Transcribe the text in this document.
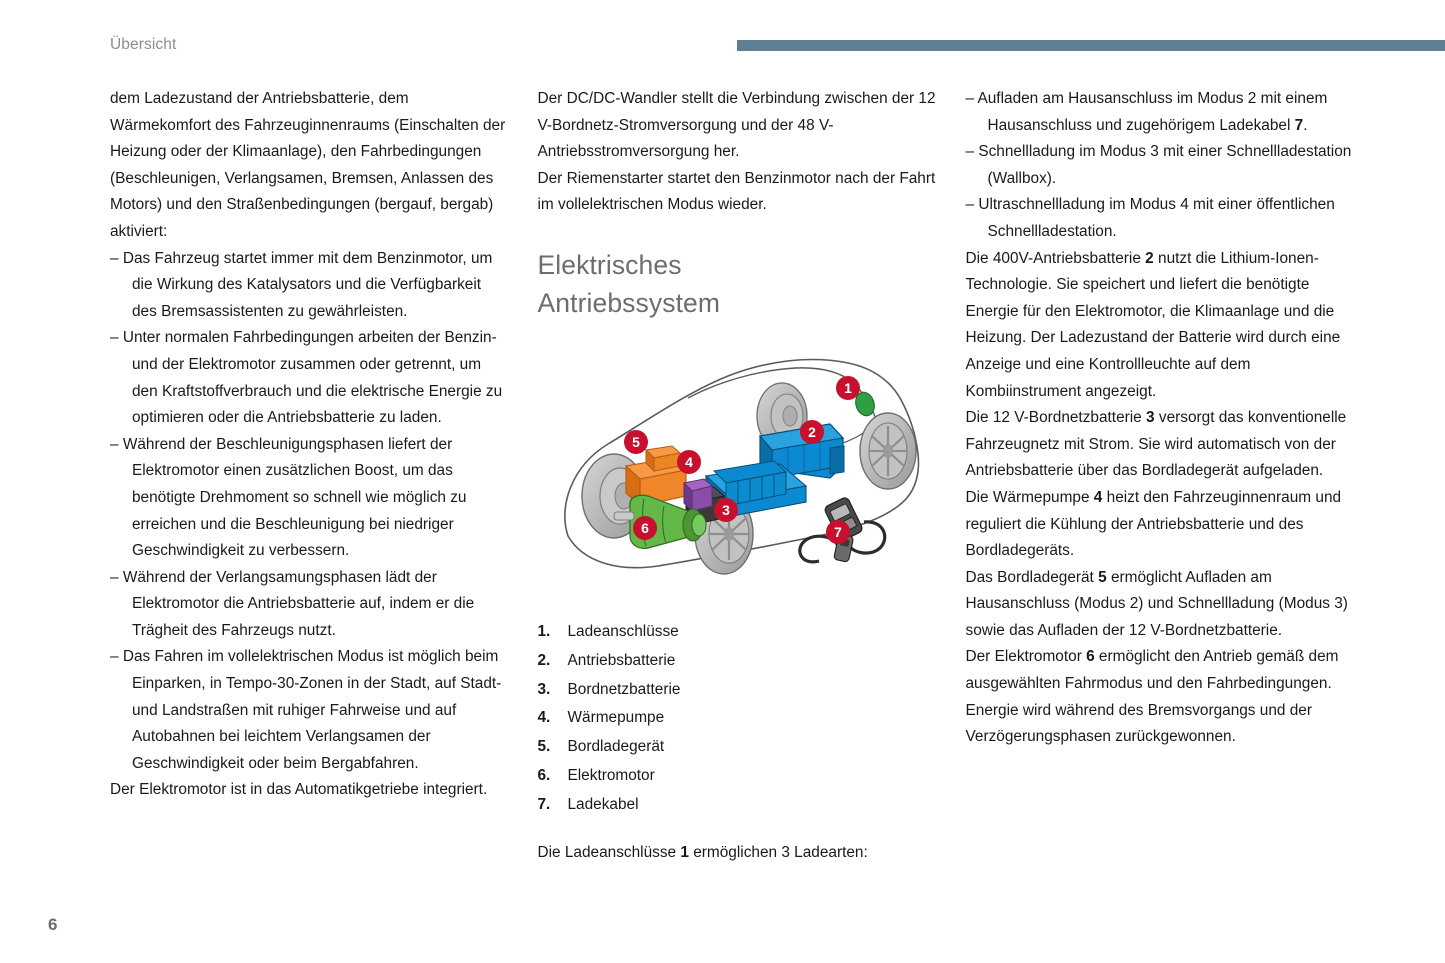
Übersicht

dem Ladezustand der Antriebsbatterie, dem Wärmekomfort des Fahrzeuginnenraums (Einschalten der Heizung oder der Klimaanlage), den Fahrbedingungen (Beschleunigen, Verlangsamen, Bremsen, Anlassen des Motors) und den Straßenbedingungen (bergauf, bergab) aktiviert:

– Das Fahrzeug startet immer mit dem Benzinmotor, um die Wirkung des Katalysators und die Verfügbarkeit des Bremsassistenten zu gewährleisten.

– Unter normalen Fahrbedingungen arbeiten der Benzin- und der Elektromotor zusammen oder getrennt, um den Kraftstoffverbrauch und die elektrische Energie zu optimieren oder die Antriebsbatterie zu laden.

– Während der Beschleunigungsphasen liefert der Elektromotor einen zusätzlichen Boost, um das benötigte Drehmoment so schnell wie möglich zu erreichen und die Beschleunigung bei niedriger Geschwindigkeit zu verbessern.

– Während der Verlangsamungsphasen lädt der Elektromotor die Antriebsbatterie auf, indem er die Trägheit des Fahrzeugs nutzt.

– Das Fahren im vollelektrischen Modus ist möglich beim Einparken, in Tempo-30-Zonen in der Stadt, auf Stadt- und Landstraßen mit ruhiger Fahrweise und auf Autobahnen bei leichtem Verlangsamen der Geschwindigkeit oder beim Bergabfahren.

Der Elektromotor ist in das Automatikgetriebe integriert.

Der DC/DC-Wandler stellt die Verbindung zwischen der 12 V-Bordnetz-Stromversorgung und der 48 V-Antriebsstromversorgung her.

Der Riemenstarter startet den Benzinmotor nach der Fahrt im vollelektrischen Modus wieder.

Elektrisches
Antriebssystem
1
2
3
4
5
6	7
1.	Ladeanschlüsse
2.	Antriebsbatterie
3.	Bordnetzbatterie
4.	Wärmepumpe
5.	Bordladegerät
6.	Elektromotor
7.	Ladekabel

Die Ladeanschlüsse 1 ermöglichen 3 Ladearten:

– Aufladen am Hausanschluss im Modus 2 mit einem Hausanschluss und zugehörigem Ladekabel 7.

– Schnellladung im Modus 3 mit einer Schnellladestation (Wallbox).

– Ultraschnellladung im Modus 4 mit einer öffentlichen Schnellladestation.

Die 400V-Antriebsbatterie 2 nutzt die Lithium-Ionen-Technologie. Sie speichert und liefert die benötigte Energie für den Elektromotor, die Klimaanlage und die Heizung. Der Ladezustand der Batterie wird durch eine Anzeige und eine Kontrollleuchte auf dem Kombiinstrument angezeigt.

Die 12 V-Bordnetzbatterie 3 versorgt das konventionelle Fahrzeugnetz mit Strom. Sie wird automatisch von der Antriebsbatterie über das Bordladegerät aufgeladen.

Die Wärmepumpe 4 heizt den Fahrzeuginnenraum und reguliert die Kühlung der Antriebsbatterie und des Bordladegeräts.

Das Bordladegerät 5 ermöglicht Aufladen am Hausanschluss (Modus 2) und Schnellladung (Modus 3) sowie das Aufladen der 12 V-Bordnetzbatterie.

Der Elektromotor 6 ermöglicht den Antrieb gemäß dem ausgewählten Fahrmodus und den Fahrbedingungen. Energie wird während des Bremsvorgangs und der Verzögerungsphasen zurückgewonnen.

6
